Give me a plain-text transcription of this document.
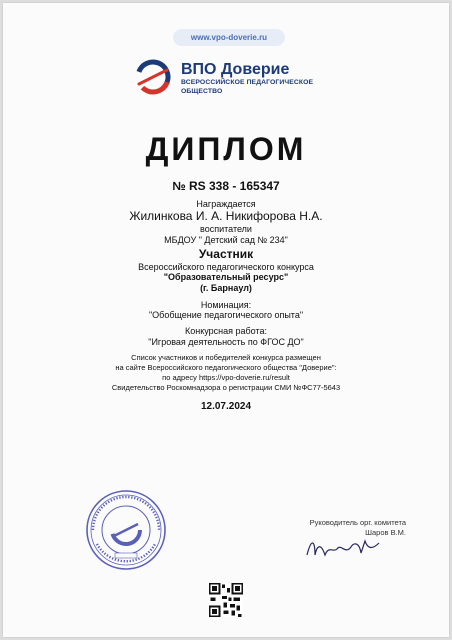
www.vpo-doverie.ru
ВПО Доверие
ВСЕРОССИЙСКОЕ ПЕДАГОГИЧЕСКОЕ
ОБЩЕСТВО
ДИПЛОМ
№ RS 338 - 165347
Награждается
Жилинкова И. А. Никифорова Н.А.
воспитатели
МБДОУ " Детский сад № 234"
Участник
Всероссийского педагогического конкурса
"Образовательный ресурс"
(г. Барнаул)
Номинация:
"Обобщение педагогического опыта"
Конкурсная работа:
"Игровая деятельность по ФГОС ДО"
Список участников и победителей конкурса размещен
на сайте Всероссийского педагогического общества "Доверие":
по адресу https://vpo-doverie.ru/result
Свидетельство Роскомнадзора о регистрации СМИ №ФС77-5643
12.07.2024
Руководитель орг. комитета
Шаров В.М.
